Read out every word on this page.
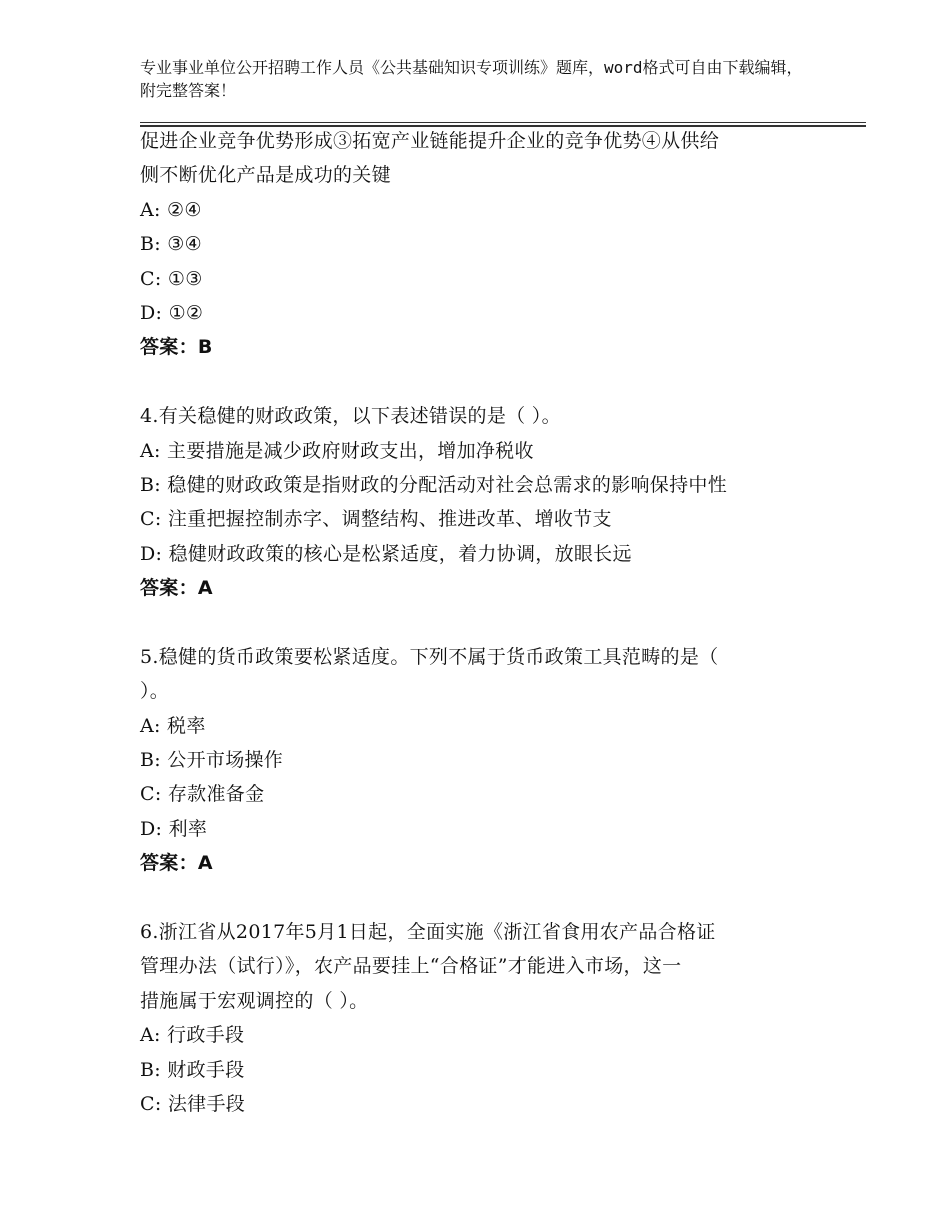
专业事业单位公开招聘工作人员《公共基础知识专项训练》题库，word格式可自由下载编辑，附完整答案！
促进企业竞争优势形成③拓宽产业链能提升企业的竞争优势④从供给
侧不断优化产品是成功的关键
A: ②④
B: ③④
C: ①③
D: ①②
答案：B
4.有关稳健的财政政策，以下表述错误的是（ ）。
A: 主要措施是减少政府财政支出，增加净税收
B: 稳健的财政政策是指财政的分配活动对社会总需求的影响保持中性
C: 注重把握控制赤字、调整结构、推进改革、增收节支
D: 稳健财政政策的核心是松紧适度，着力协调，放眼长远
答案：A
5.稳健的货币政策要松紧适度。下列不属于货币政策工具范畴的是（
）。
A: 税率
B: 公开市场操作
C: 存款准备金
D: 利率
答案：A
6.浙江省从2017年5月1日起，全面实施《浙江省食用农产品合格证
管理办法（试行）》，农产品要挂上“合格证”才能进入市场，这一
措施属于宏观调控的（ ）。
A: 行政手段
B: 财政手段
C: 法律手段
